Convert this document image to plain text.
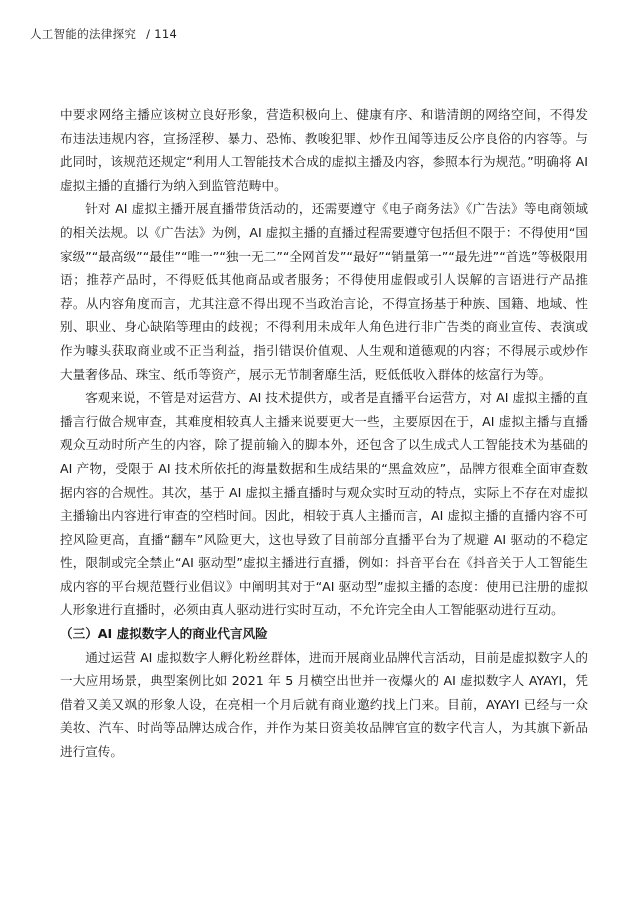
人工智能的法律探究 / 114

中要求网络主播应该树立良好形象，营造积极向上、健康有序、和谐清朗的网络空间，不得发布违法违规内容，宣扬淫秽、暴力、恐怖、教唆犯罪、炒作丑闻等违反公序良俗的内容等。与此同时，该规范还规定“利用人工智能技术合成的虚拟主播及内容，参照本行为规范。”明确将 AI 虚拟主播的直播行为纳入到监管范畴中。

针对 AI 虚拟主播开展直播带货活动的，还需要遵守《电子商务法》《广告法》等电商领域的相关法规。以《广告法》为例，AI 虚拟主播的直播过程需要遵守包括但不限于：不得使用“国家级”“最高级”“最佳”“唯一”“独一无二”“全网首发”“最好”“销量第一”“最先进”“首选”等极限用语；推荐产品时，不得贬低其他商品或者服务；不得使用虚假或引人误解的言语进行产品推荐。从内容角度而言，尤其注意不得出现不当政治言论，不得宣扬基于种族、国籍、地域、性别、职业、身心缺陷等理由的歧视；不得利用未成年人角色进行非广告类的商业宣传、表演或作为噱头获取商业或不正当利益，指引错误价值观、人生观和道德观的内容；不得展示或炒作大量奢侈品、珠宝、纸币等资产，展示无节制奢靡生活，贬低低收入群体的炫富行为等。

客观来说，不管是对运营方、AI 技术提供方，或者是直播平台运营方，对 AI 虚拟主播的直播言行做合规审查，其难度相较真人主播来说要更大一些，主要原因在于，AI 虚拟主播与直播观众互动时所产生的内容，除了提前输入的脚本外，还包含了以生成式人工智能技术为基础的 AI 产物，受限于 AI 技术所依托的海量数据和生成结果的“黑盒效应”，品牌方很难全面审查数据内容的合规性。其次，基于 AI 虚拟主播直播时与观众实时互动的特点，实际上不存在对虚拟主播输出内容进行审查的空档时间。因此，相较于真人主播而言，AI 虚拟主播的直播内容不可控风险更高，直播“翻车”风险更大，这也导致了目前部分直播平台为了规避 AI 驱动的不稳定性，限制或完全禁止“AI 驱动型”虚拟主播进行直播，例如：抖音平台在《抖音关于人工智能生成内容的平台规范暨行业倡议》中阐明其对于“AI 驱动型”虚拟主播的态度：使用已注册的虚拟人形象进行直播时，必须由真人驱动进行实时互动，不允许完全由人工智能驱动进行互动。

（三）AI 虚拟数字人的商业代言风险

通过运营 AI 虚拟数字人孵化粉丝群体，进而开展商业品牌代言活动，目前是虚拟数字人的一大应用场景，典型案例比如 2021 年 5 月横空出世并一夜爆火的 AI 虚拟数字人 AYAYI，凭借着又美又飒的形象人设，在亮相一个月后就有商业邀约找上门来。目前，AYAYI 已经与一众美妆、汽车、时尚等品牌达成合作，并作为某日资美妆品牌官宣的数字代言人，为其旗下新品进行宣传。
